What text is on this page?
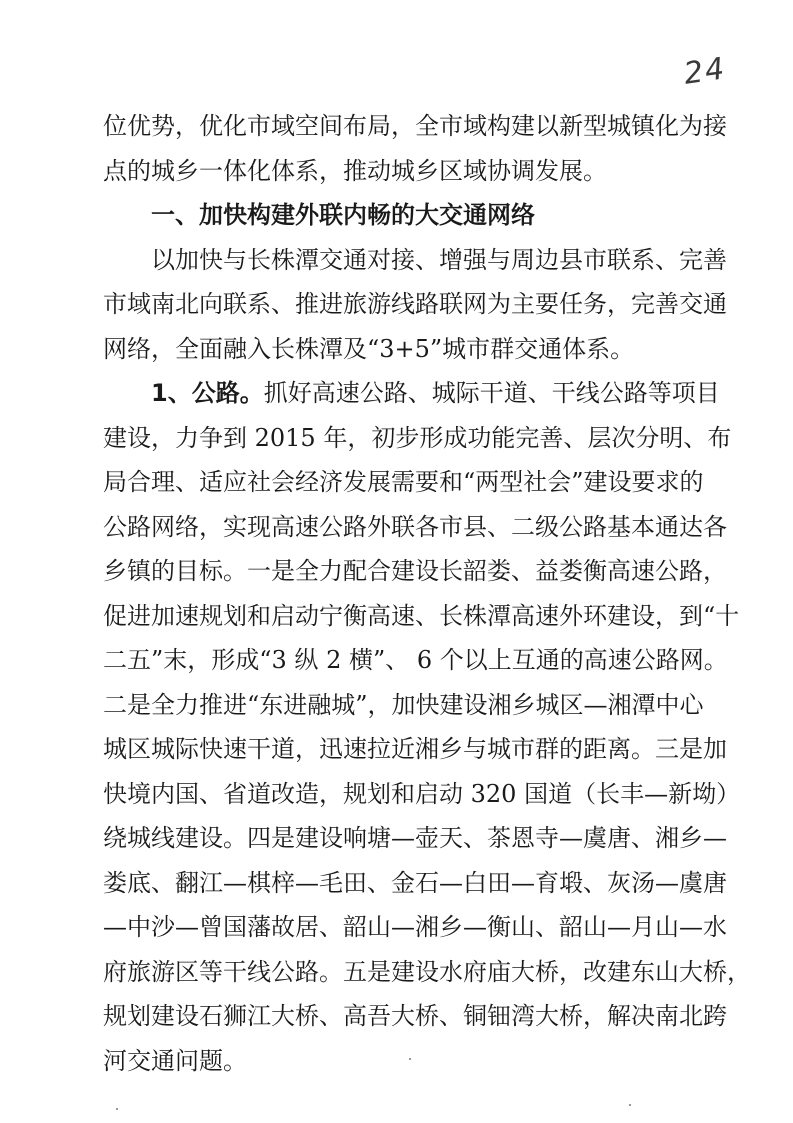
24
位优势，优化市域空间布局，全市域构建以新型城镇化为接
点的城乡一体化体系，推动城乡区域协调发展。
一、加快构建外联内畅的大交通网络
以加快与长株潭交通对接、增强与周边县市联系、完善
市域南北向联系、推进旅游线路联网为主要任务，完善交通
网络，全面融入长株潭及“3+5”城市群交通体系。
1、公路。抓好高速公路、城际干道、干线公路等项目
建设，力争到 2015 年，初步形成功能完善、层次分明、布
局合理、适应社会经济发展需要和“两型社会”建设要求的
公路网络，实现高速公路外联各市县、二级公路基本通达各
乡镇的目标。一是全力配合建设长韶娄、益娄衡高速公路，
促进加速规划和启动宁衡高速、长株潭高速外环建设，到“十
二五”末，形成“3 纵 2 横”、 6 个以上互通的高速公路网。
二是全力推进“东进融城”，加快建设湘乡城区—湘潭中心
城区城际快速干道，迅速拉近湘乡与城市群的距离。三是加
快境内国、省道改造，规划和启动 320 国道（长丰—新坳）
绕城线建设。四是建设响塘—壶天、茶恩寺—虞唐、湘乡—
娄底、翻江—棋梓—毛田、金石—白田—育塅、灰汤—虞唐
—中沙—曾国藩故居、韶山—湘乡—衡山、韶山—月山—水
府旅游区等干线公路。五是建设水府庙大桥，改建东山大桥，
规划建设石狮江大桥、高吾大桥、铜钿湾大桥，解决南北跨
河交通问题。
